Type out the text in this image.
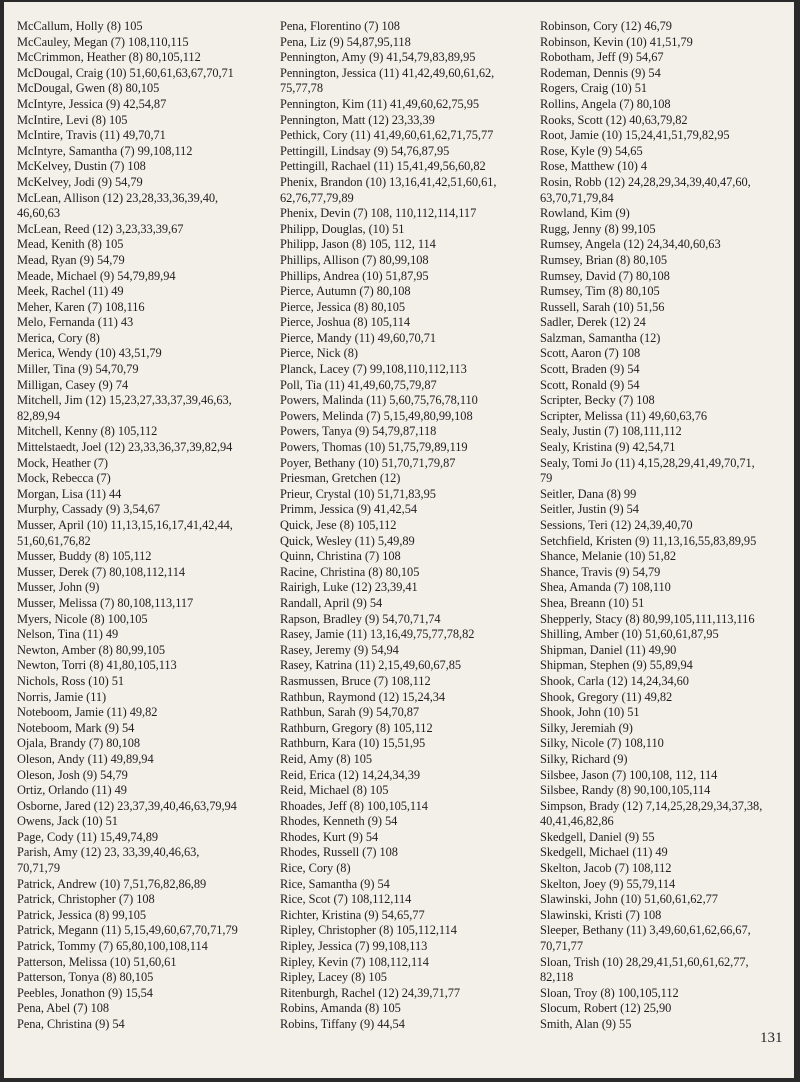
McCallum, Holly (8) 105
McCauley, Megan (7) 108,110,115
McCrimmon, Heather (8) 80,105,112
McDougal, Craig (10) 51,60,61,63,67,70,71
McDougal, Gwen (8) 80,105
McIntyre, Jessica (9) 42,54,87
McIntire, Levi (8) 105
McIntire, Travis (11) 49,70,71
McIntyre, Samantha (7) 99,108,112
McKelvey, Dustin (7) 108
McKelvey, Jodi (9) 54,79
McLean, Allison (12) 23,28,33,36,39,40,
46,60,63
McLean, Reed (12) 3,23,33,39,67
Mead, Kenith (8) 105
Mead, Ryan (9) 54,79
Meade, Michael (9) 54,79,89,94
Meek, Rachel (11) 49
Meher, Karen (7) 108,116
Melo, Fernanda (11) 43
Merica, Cory (8)
Merica, Wendy (10) 43,51,79
Miller, Tina (9) 54,70,79
Milligan, Casey (9) 74
Mitchell, Jim (12) 15,23,27,33,37,39,46,63,
82,89,94
Mitchell, Kenny (8) 105,112
Mittelstaedt, Joel (12) 23,33,36,37,39,82,94
Mock, Heather (7)
Mock, Rebecca (7)
Morgan, Lisa (11) 44
Murphy, Cassady (9) 3,54,67
Musser, April (10) 11,13,15,16,17,41,42,44,
51,60,61,76,82
Musser, Buddy (8) 105,112
Musser, Derek (7) 80,108,112,114
Musser, John (9)
Musser, Melissa (7) 80,108,113,117
Myers, Nicole (8) 100,105
Nelson, Tina (11) 49
Newton, Amber (8) 80,99,105
Newton, Torri (8) 41,80,105,113
Nichols, Ross (10) 51
Norris, Jamie (11)
Noteboom, Jamie (11) 49,82
Noteboom, Mark (9) 54
Ojala, Brandy (7) 80,108
Oleson, Andy (11) 49,89,94
Oleson, Josh (9) 54,79
Ortiz, Orlando (11) 49
Osborne, Jared (12) 23,37,39,40,46,63,79,94
Owens, Jack (10) 51
Page, Cody (11) 15,49,74,89
Parish, Amy (12) 23, 33,39,40,46,63,
70,71,79
Patrick, Andrew (10) 7,51,76,82,86,89
Patrick, Christopher (7) 108
Patrick, Jessica (8) 99,105
Patrick, Megann (11) 5,15,49,60,67,70,71,79
Patrick, Tommy (7) 65,80,100,108,114
Patterson, Melissa (10) 51,60,61
Patterson, Tonya (8) 80,105
Peebles, Jonathon (9) 15,54
Pena, Abel (7) 108
Pena, Christina (9) 54
Pena, Florentino (7) 108
Pena, Liz (9) 54,87,95,118
Pennington, Amy (9) 41,54,79,83,89,95
Pennington, Jessica (11) 41,42,49,60,61,62,
75,77,78
Pennington, Kim (11) 41,49,60,62,75,95
Pennington, Matt (12) 23,33,39
Pethick, Cory (11) 41,49,60,61,62,71,75,77
Pettingill, Lindsay (9) 54,76,87,95
Pettingill, Rachael (11) 15,41,49,56,60,82
Phenix, Brandon (10) 13,16,41,42,51,60,61,
62,76,77,79,89
Phenix, Devin (7) 108, 110,112,114,117
Philipp, Douglas, (10) 51
Philipp, Jason (8) 105, 112, 114
Phillips, Allison (7) 80,99,108
Phillips, Andrea (10) 51,87,95
Pierce, Autumn (7) 80,108
Pierce, Jessica (8) 80,105
Pierce, Joshua (8) 105,114
Pierce, Mandy (11) 49,60,70,71
Pierce, Nick (8)
Planck, Lacey (7) 99,108,110,112,113
Poll, Tia (11) 41,49,60,75,79,87
Powers, Malinda (11) 5,60,75,76,78,110
Powers, Melinda (7) 5,15,49,80,99,108
Powers, Tanya (9) 54,79,87,118
Powers, Thomas (10) 51,75,79,89,119
Poyer, Bethany (10) 51,70,71,79,87
Priesman, Gretchen (12)
Prieur, Crystal (10) 51,71,83,95
Primm, Jessica (9) 41,42,54
Quick, Jese (8) 105,112
Quick, Wesley (11) 5,49,89
Quinn, Christina (7) 108
Racine, Christina (8) 80,105
Rairigh, Luke (12) 23,39,41
Randall, April (9) 54
Rapson, Bradley (9) 54,70,71,74
Rasey, Jamie (11) 13,16,49,75,77,78,82
Rasey, Jeremy (9) 54,94
Rasey, Katrina (11) 2,15,49,60,67,85
Rasmussen, Bruce (7) 108,112
Rathbun, Raymond (12) 15,24,34
Rathbun, Sarah (9) 54,70,87
Rathburn, Gregory (8) 105,112
Rathburn, Kara (10) 15,51,95
Reid, Amy (8) 105
Reid, Erica (12) 14,24,34,39
Reid, Michael (8) 105
Rhoades, Jeff (8) 100,105,114
Rhodes, Kenneth (9) 54
Rhodes, Kurt (9) 54
Rhodes, Russell (7) 108
Rice, Cory (8)
Rice, Samantha (9) 54
Rice, Scot (7) 108,112,114
Richter, Kristina (9) 54,65,77
Ripley, Christopher (8) 105,112,114
Ripley, Jessica (7) 99,108,113
Ripley, Kevin (7) 108,112,114
Ripley, Lacey (8) 105
Ritenburgh, Rachel (12) 24,39,71,77
Robins, Amanda (8) 105
Robins, Tiffany (9) 44,54
Robinson, Cory (12) 46,79
Robinson, Kevin (10) 41,51,79
Robotham, Jeff (9) 54,67
Rodeman, Dennis (9) 54
Rogers, Craig (10) 51
Rollins, Angela (7) 80,108
Rooks, Scott (12) 40,63,79,82
Root, Jamie (10) 15,24,41,51,79,82,95
Rose, Kyle (9) 54,65
Rose, Matthew (10) 4
Rosin, Robb (12) 24,28,29,34,39,40,47,60,
63,70,71,79,84
Rowland, Kim (9)
Rugg, Jenny (8) 99,105
Rumsey, Angela (12) 24,34,40,60,63
Rumsey, Brian (8) 80,105
Rumsey, David (7) 80,108
Rumsey, Tim (8) 80,105
Russell, Sarah (10) 51,56
Sadler, Derek (12) 24
Salzman, Samantha (12)
Scott, Aaron (7) 108
Scott, Braden (9) 54
Scott, Ronald (9) 54
Scripter, Becky (7) 108
Scripter, Melissa (11) 49,60,63,76
Sealy, Justin (7) 108,111,112
Sealy, Kristina (9) 42,54,71
Sealy, Tomi Jo (11) 4,15,28,29,41,49,70,71,
79
Seitler, Dana (8) 99
Seitler, Justin (9) 54
Sessions, Teri (12) 24,39,40,70
Setchfield, Kristen (9) 11,13,16,55,83,89,95
Shance, Melanie (10) 51,82
Shance, Travis (9) 54,79
Shea, Amanda (7) 108,110
Shea, Breann (10) 51
Shepperly, Stacy (8) 80,99,105,111,113,116
Shilling, Amber (10) 51,60,61,87,95
Shipman, Daniel (11) 49,90
Shipman, Stephen (9) 55,89,94
Shook, Carla (12) 14,24,34,60
Shook, Gregory (11) 49,82
Shook, John (10) 51
Silky, Jeremiah (9)
Silky, Nicole (7) 108,110
Silky, Richard (9)
Silsbee, Jason (7) 100,108, 112, 114
Silsbee, Randy (8) 90,100,105,114
Simpson, Brady (12) 7,14,25,28,29,34,37,38,
40,41,46,82,86
Skedgell, Daniel (9) 55
Skedgell, Michael (11) 49
Skelton, Jacob (7) 108,112
Skelton, Joey (9) 55,79,114
Slawinski, John (10) 51,60,61,62,77
Slawinski, Kristi (7) 108
Sleeper, Bethany (11) 3,49,60,61,62,66,67,
70,71,77
Sloan, Trish (10) 28,29,41,51,60,61,62,77,
82,118
Sloan, Troy (8) 100,105,112
Slocum, Robert (12) 25,90
Smith, Alan (9) 55
131
